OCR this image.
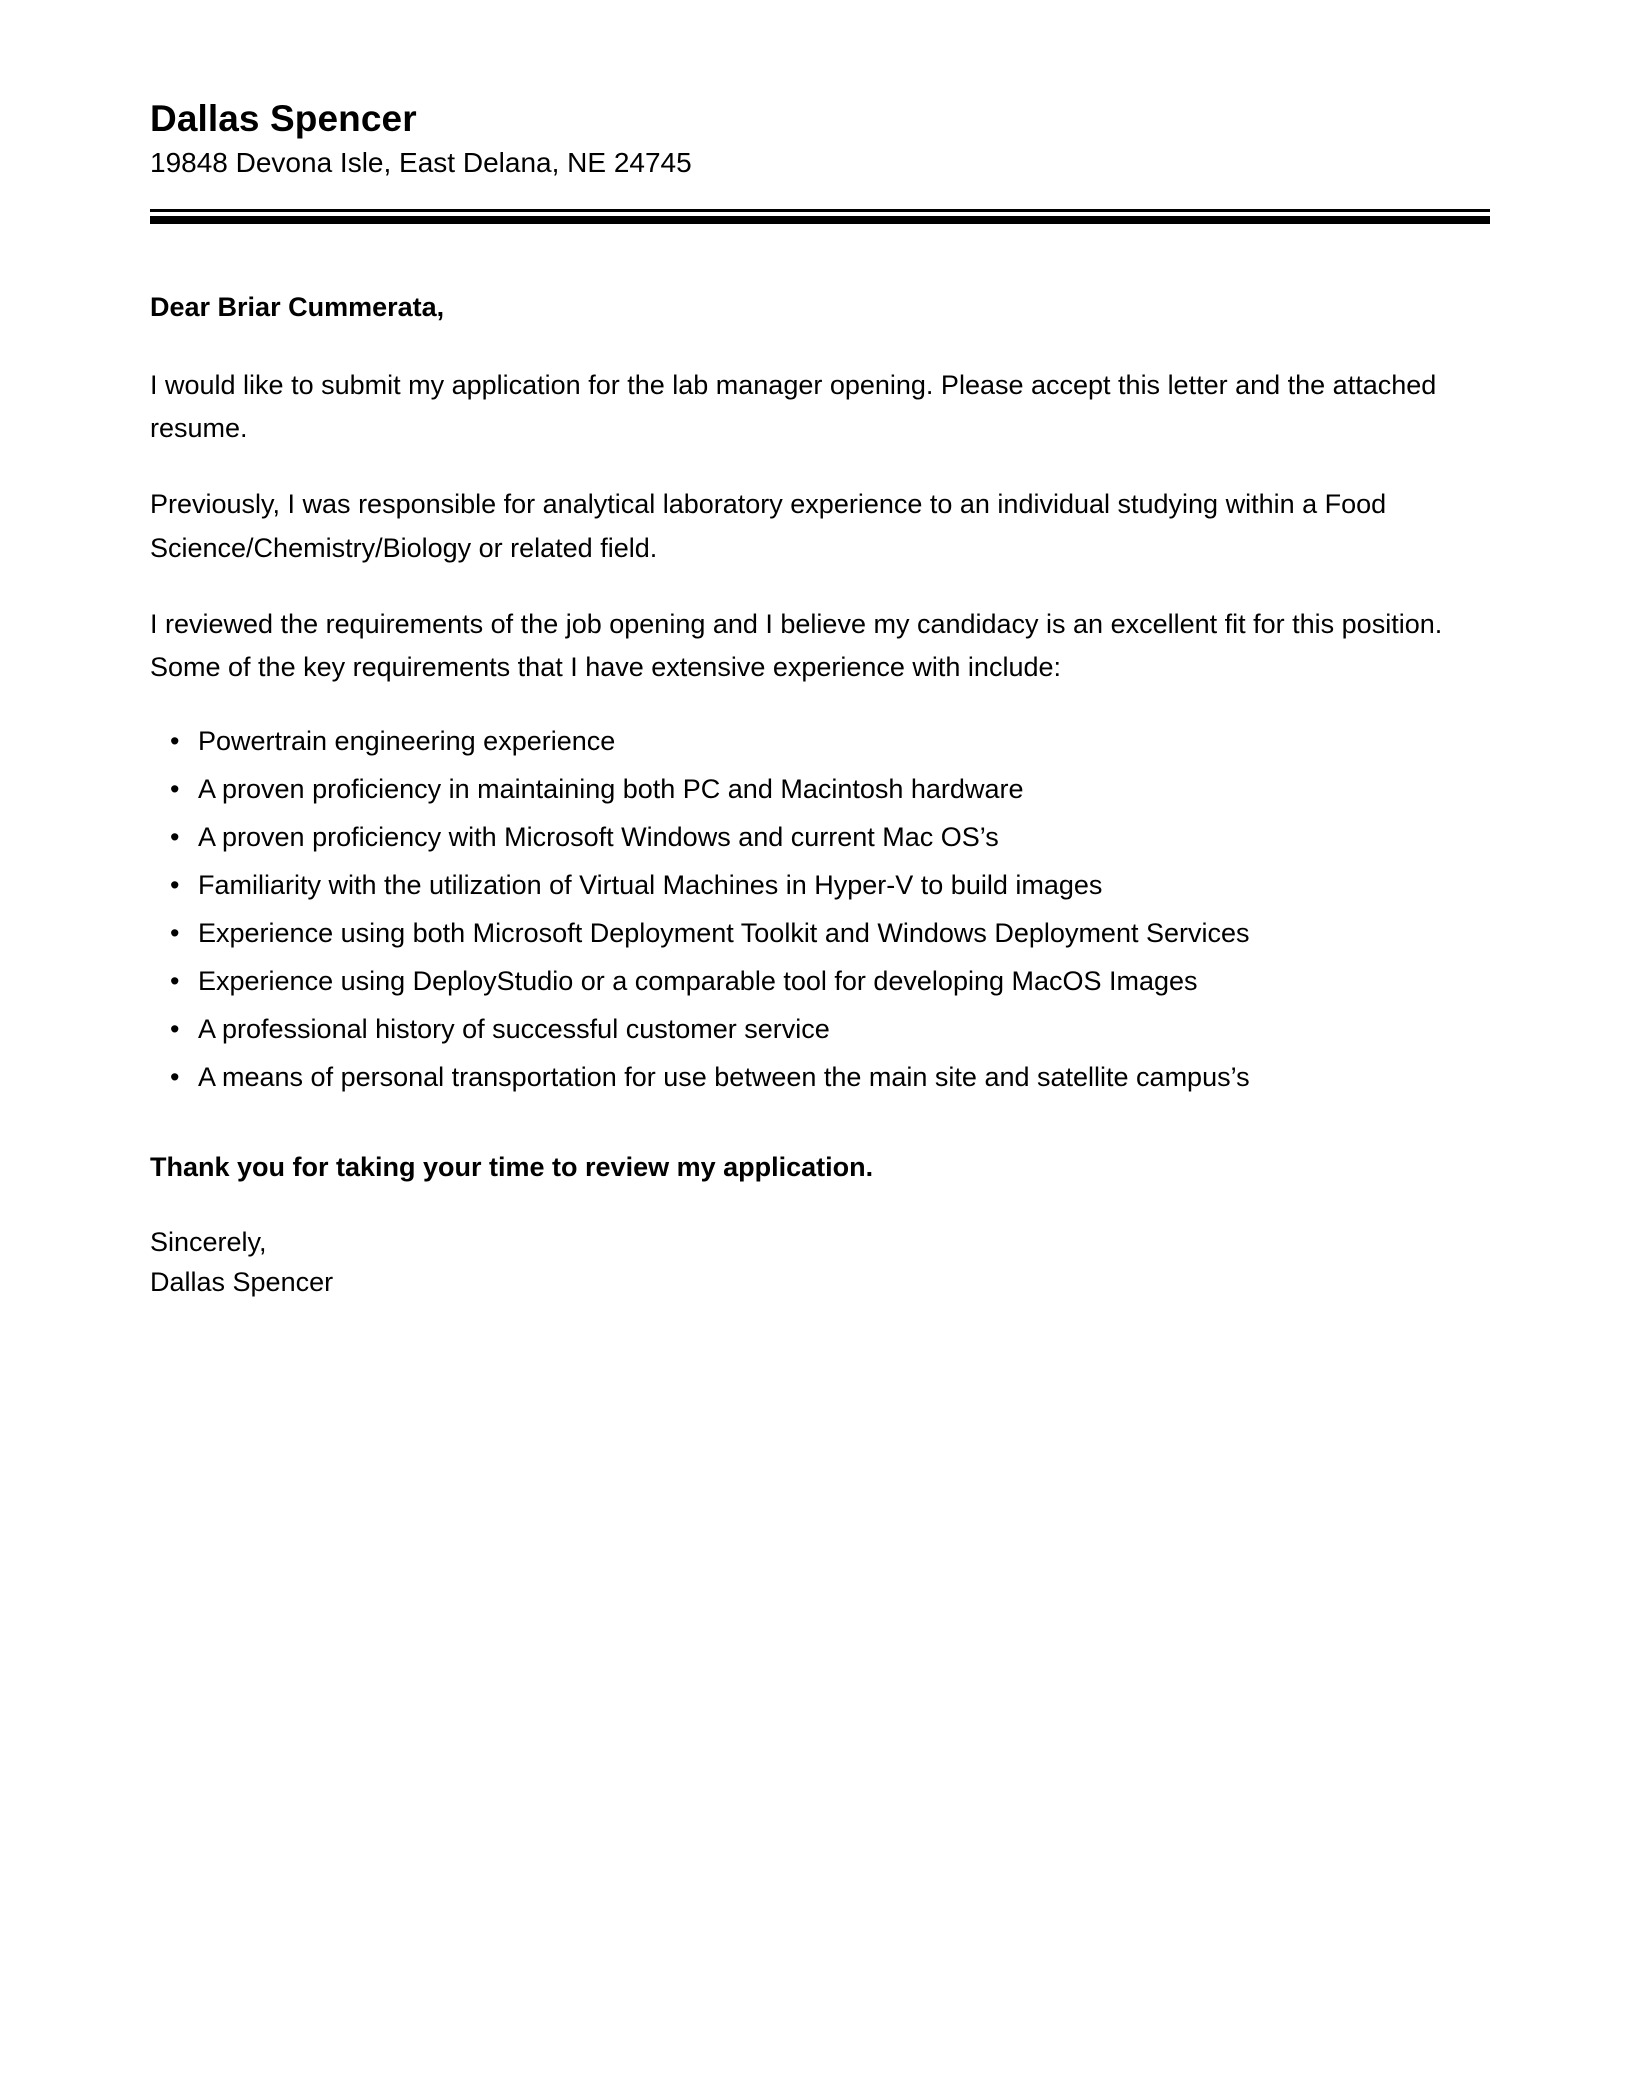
Dallas Spencer

19848 Devona Isle, East Delana, NE 24745

Dear Briar Cummerata,

I would like to submit my application for the lab manager opening. Please accept this letter and the attached resume.

Previously, I was responsible for analytical laboratory experience to an individual studying within a Food Science/Chemistry/Biology or related field.

I reviewed the requirements of the job opening and I believe my candidacy is an excellent fit for this position. Some of the key requirements that I have extensive experience with include:

• Powertrain engineering experience
• A proven proficiency in maintaining both PC and Macintosh hardware
• A proven proficiency with Microsoft Windows and current Mac OS’s
• Familiarity with the utilization of Virtual Machines in Hyper-V to build images
• Experience using both Microsoft Deployment Toolkit and Windows Deployment Services
• Experience using DeployStudio or a comparable tool for developing MacOS Images
• A professional history of successful customer service
• A means of personal transportation for use between the main site and satellite campus’s

Thank you for taking your time to review my application.

Sincerely,

Dallas Spencer
